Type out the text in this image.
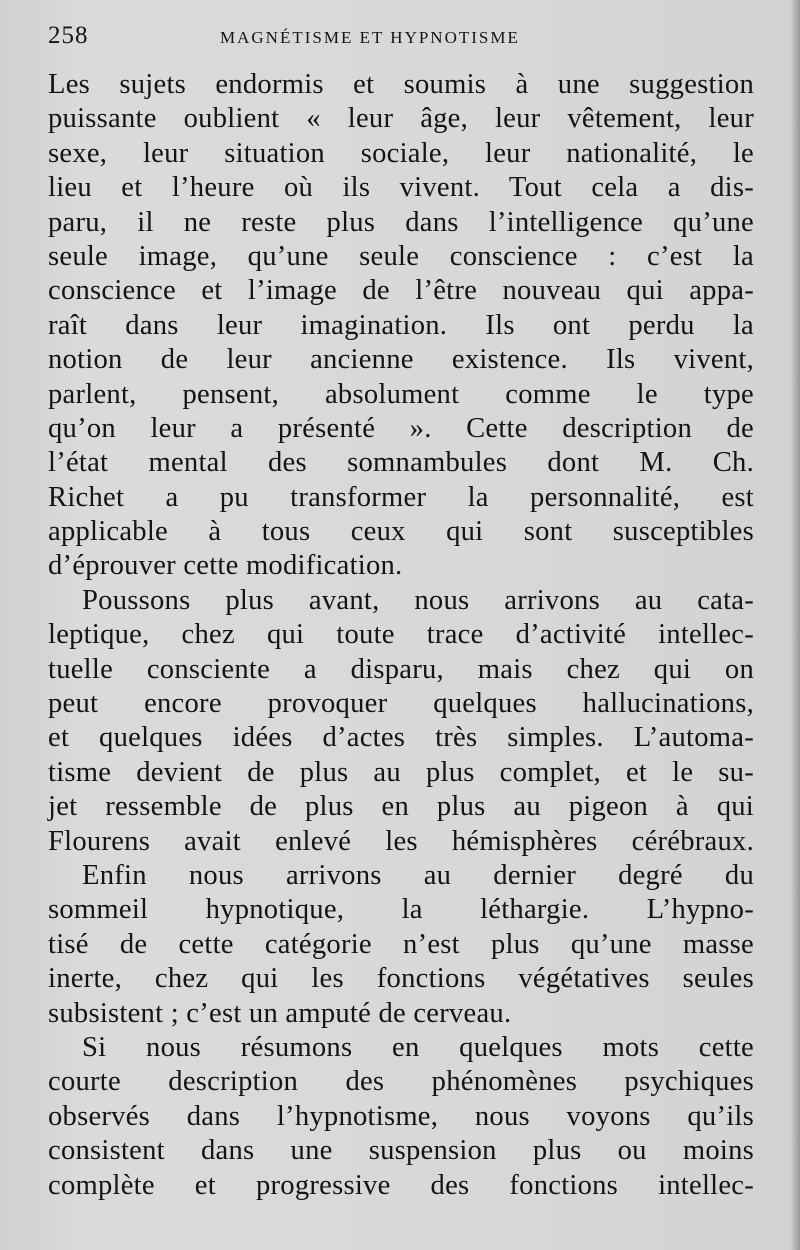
258	MAGNÉTISME ET HYPNOTISME
Les sujets endormis et soumis à une suggestion
puissante oublient « leur âge, leur vêtement, leur
sexe, leur situation sociale, leur nationalité, le
lieu et l’heure où ils vivent. Tout cela a dis-
paru, il ne reste plus dans l’intelligence qu’une
seule image, qu’une seule conscience : c’est la
conscience et l’image de l’être nouveau qui appa-
raît dans leur imagination. Ils ont perdu la
notion de leur ancienne existence. Ils vivent,
parlent, pensent, absolument comme le type
qu’on leur a présenté ». Cette description de
l’état mental des somnambules dont M. Ch.
Richet a pu transformer la personnalité, est
applicable à tous ceux qui sont susceptibles
d’éprouver cette modification.
Poussons plus avant, nous arrivons au cata-
leptique, chez qui toute trace d’activité intellec-
tuelle consciente a disparu, mais chez qui on
peut encore provoquer quelques hallucinations,
et quelques idées d’actes très simples. L’automa-
tisme devient de plus au plus complet, et le su-
jet ressemble de plus en plus au pigeon à qui
Flourens avait enlevé les hémisphères cérébraux.
Enfin nous arrivons au dernier degré du
sommeil hypnotique, la léthargie. L’hypno-
tisé de cette catégorie n’est plus qu’une masse
inerte, chez qui les fonctions végétatives seules
subsistent ; c’est un amputé de cerveau.
Si nous résumons en quelques mots cette
courte description des phénomènes psychiques
observés dans l’hypnotisme, nous voyons qu’ils
consistent dans une suspension plus ou moins
complète et progressive des fonctions intellec-
